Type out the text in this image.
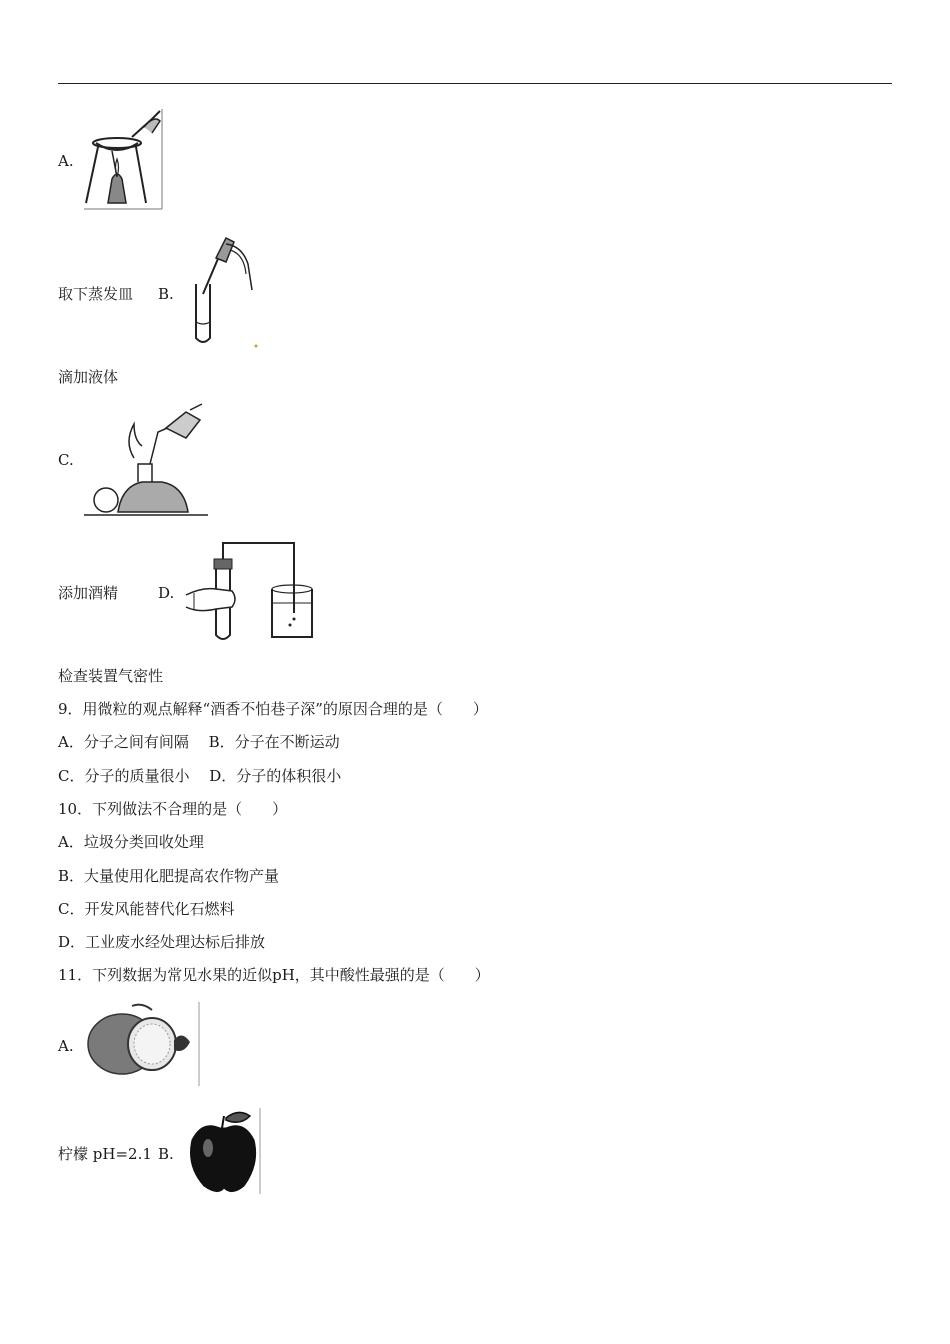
A.
取下蒸发皿 B.
滴加液体
C.
添加酒精	D.
检查装置气密性
9．用微粒的观点解释“酒香不怕巷子深”的原因合理的是（　　）
A．分子之间有间隔　 B．分子在不断运动
C．分子的质量很小　 D．分子的体积很小
10．下列做法不合理的是（　　）
A．垃圾分类回收处理
B．大量使用化肥提高农作物产量
C．开发风能替代化石燃料
D．工业废水经处理达标后排放
11．下列数据为常见水果的近似pH，其中酸性最强的是（　　）
A.
柠檬 pH=2.1 B.
